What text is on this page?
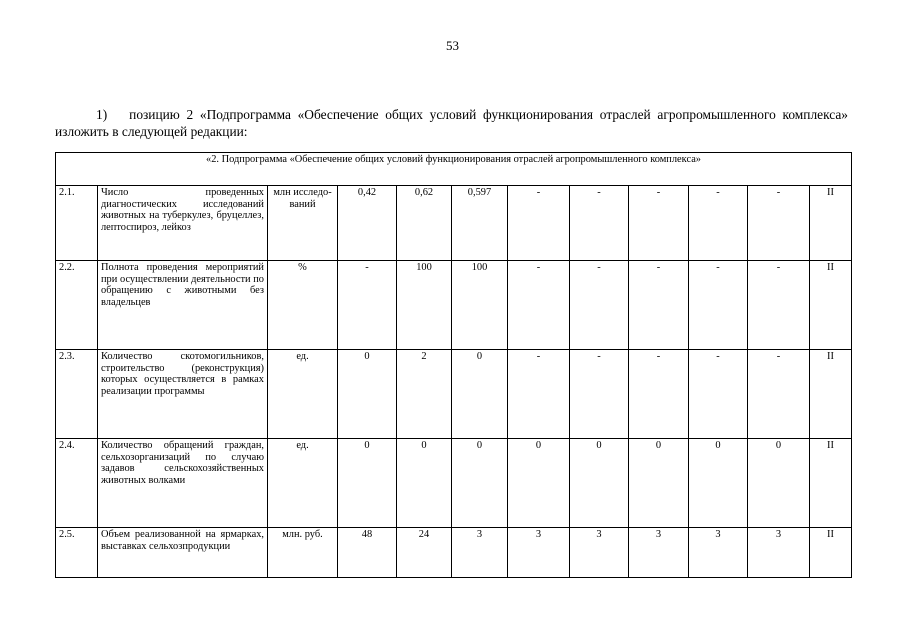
53
1) позицию 2 «Подпрограмма «Обеспечение общих условий функционирования отраслей агропромышленного комплекса» изложить в следующей редакции:
«2. Подпрограмма «Обеспечение общих условий функционирования отраслей агропромышленного комплекса»											
2.1.	Число проведенных диагностических исследований животных на туберкулез, бруцеллез, лептоспироз, лейкоз	млн исследо-ваний	0,42	0,62	0,597	-	-	-	-	-	II
2.2.	Полнота проведения мероприятий при осуществлении деятельности по обращению с животными без владельцев	%	-	100	100	-	-	-	-	-	II
2.3.	Количество скотомогильников, строительство (реконструкция) которых осуществляется в рамках реализации программы	ед.	0	2	0	-	-	-	-	-	II
2.4.	Количество обращений граждан, сельхозорганизаций по случаю задавов сельскохозяйственных животных волками	ед.	0	0	0	0	0	0	0	0	II
2.5.	Объем реализованной на ярмарках, выставках сельхозпродукции	млн. руб.	48	24	3	3	3	3	3	3	II
